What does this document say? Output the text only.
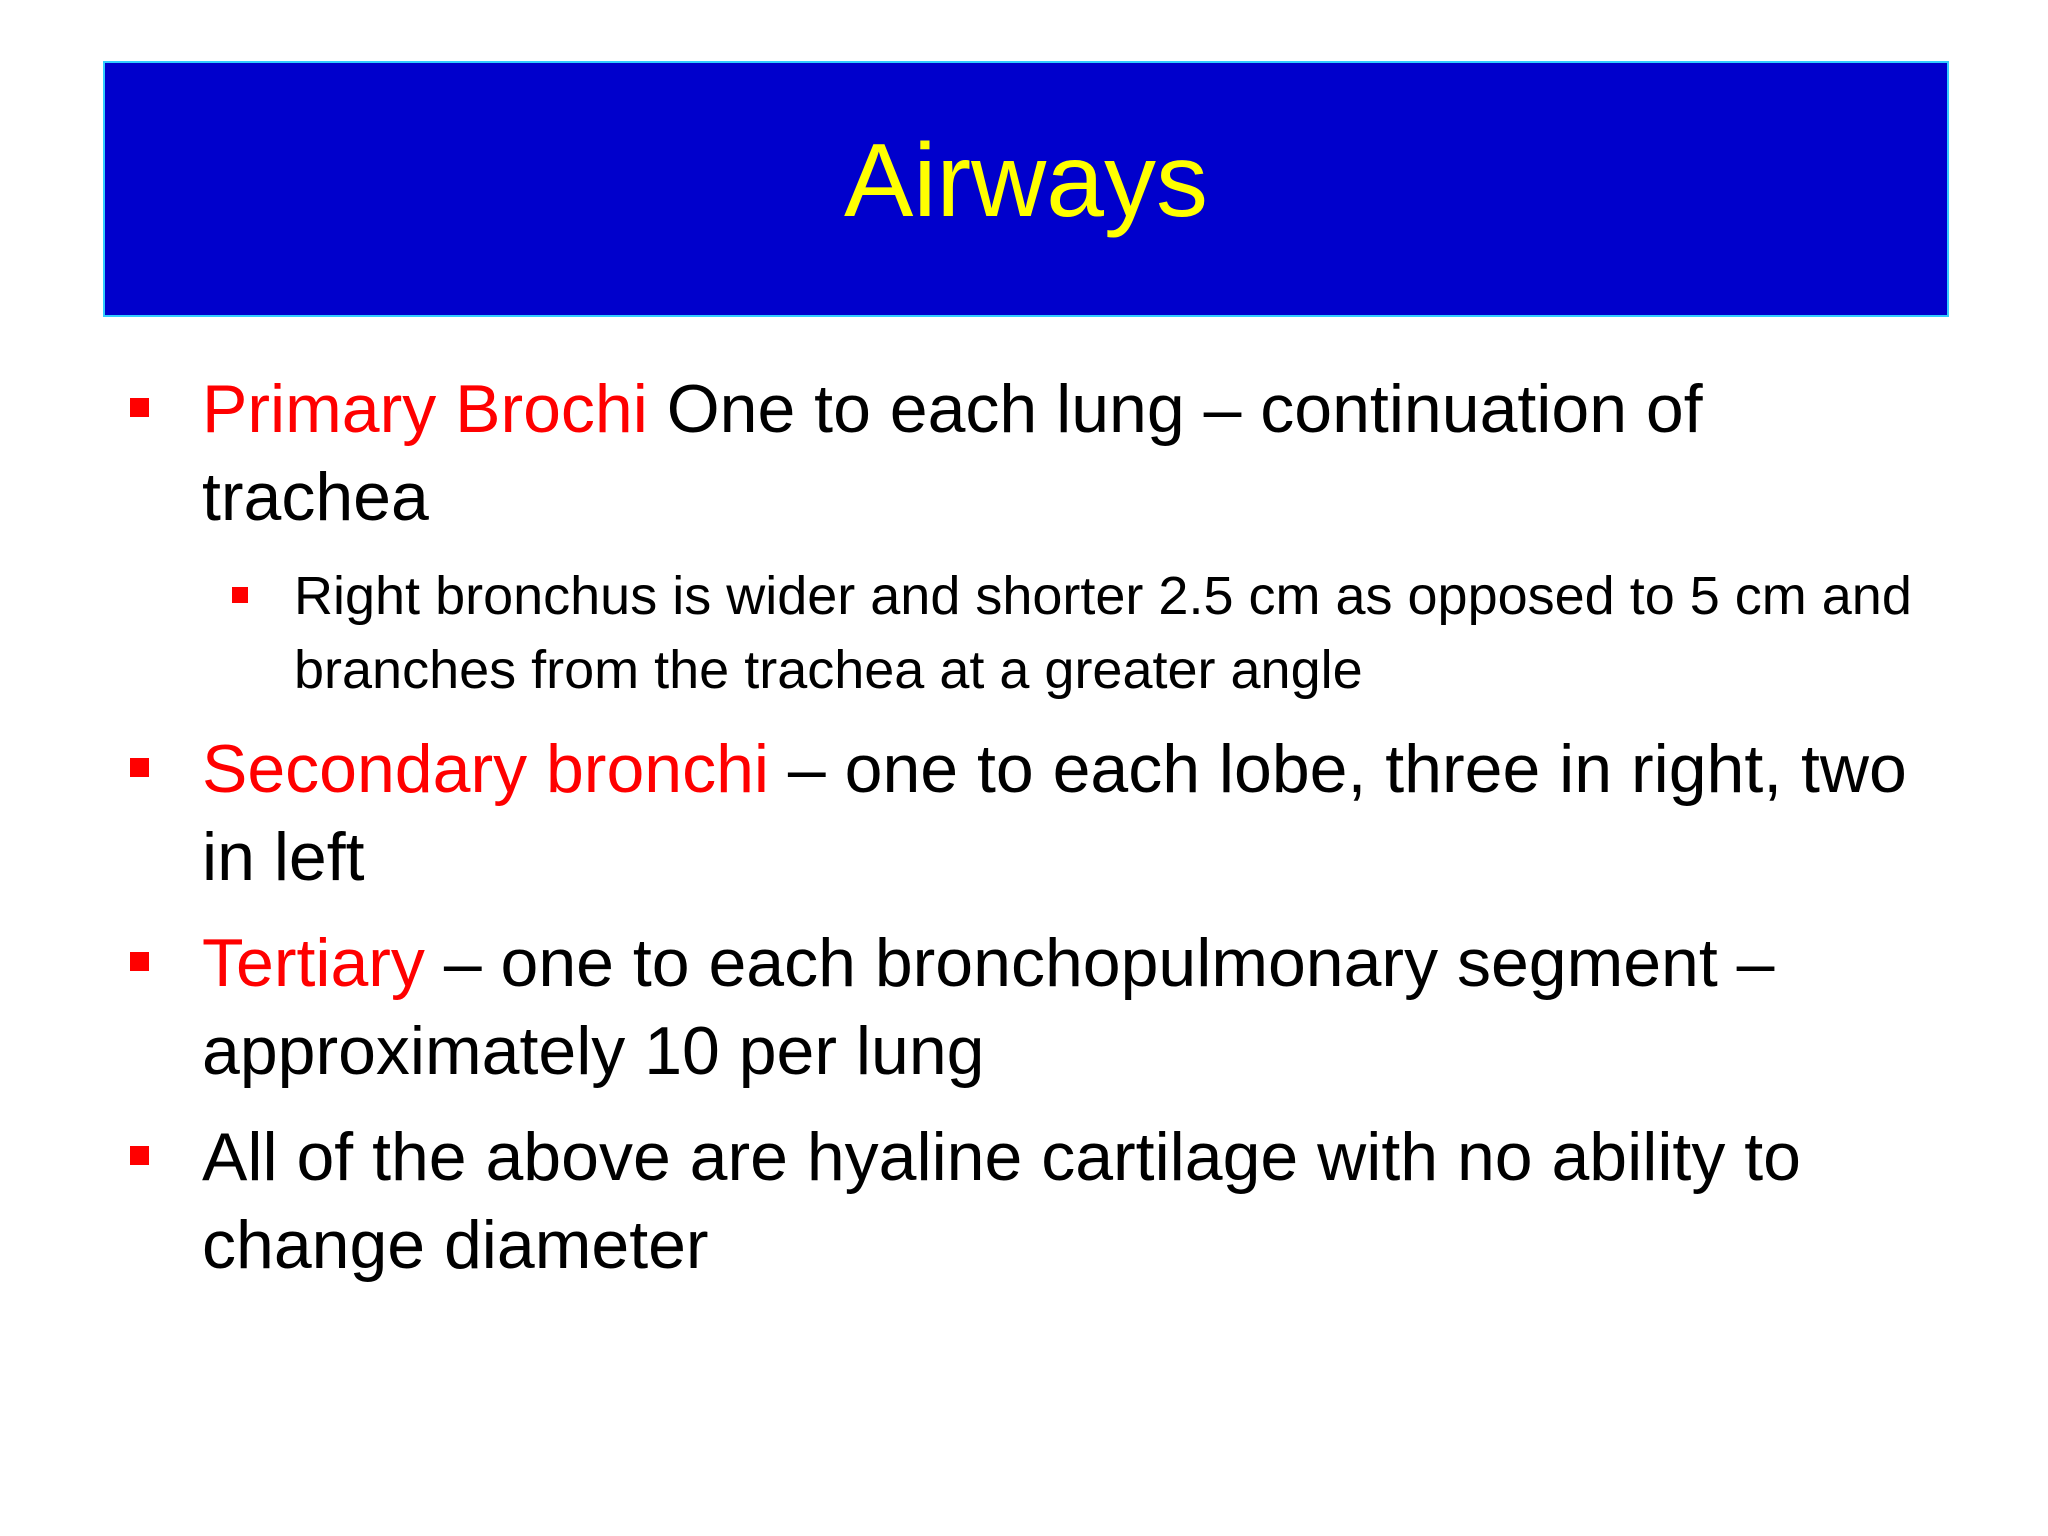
Airways
Primary Brochi One to each lung – continuation of trachea
Right bronchus is wider and shorter 2.5 cm as opposed to 5 cm and branches from the trachea at a greater angle
Secondary bronchi – one to each lobe, three in right, two in left
Tertiary – one to each bronchopulmonary segment – approximately 10 per lung
All of the above are hyaline cartilage with no ability to change diameter
